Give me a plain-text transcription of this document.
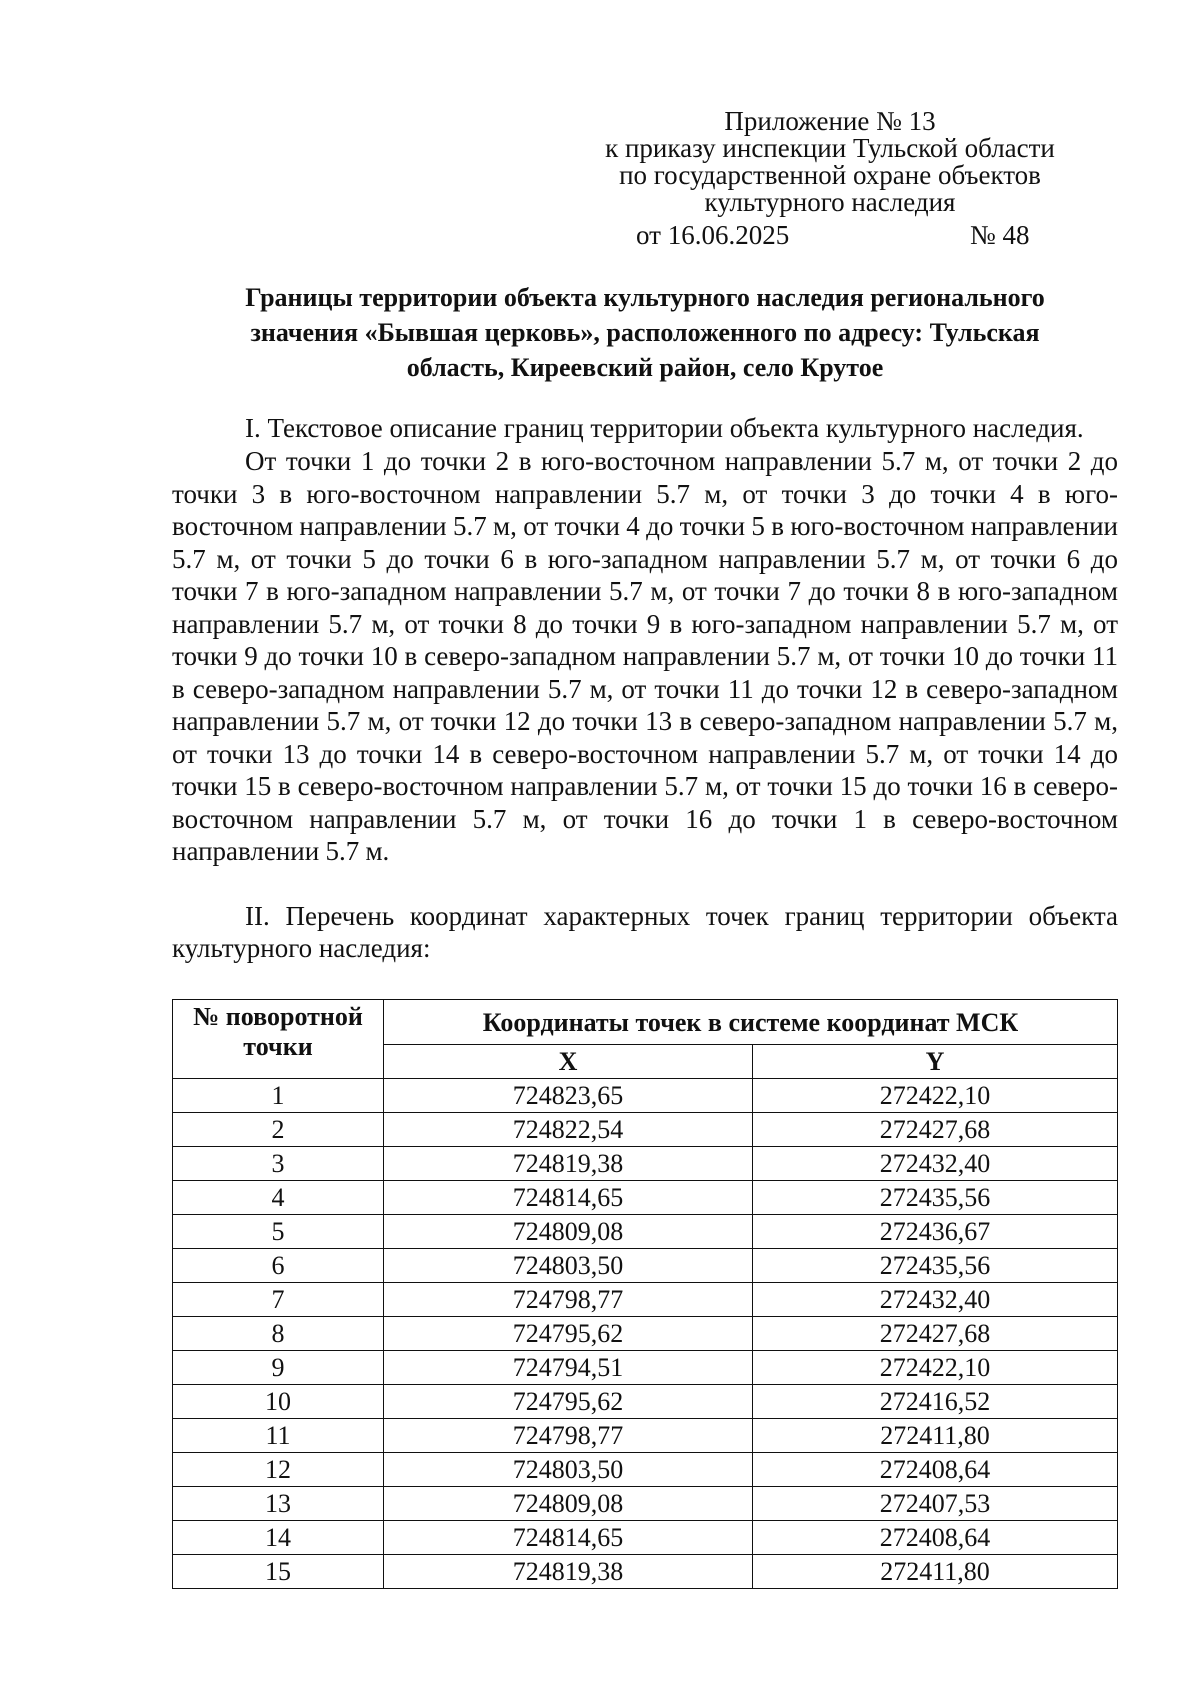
Приложение № 13
к приказу инспекции Тульской области
по государственной охране объектов
культурного наследия
от 16.06.2025	№ 48
Границы территории объекта культурного наследия регионального
значения «Бывшая церковь», расположенного по адресу: Тульская
область, Киреевский район, село Крутое
I. Текстовое описание границ территории объекта культурного наследия.
От точки 1 до точки 2 в юго-восточном направлении 5.7 м, от точки 2 до точки 3 в юго-восточном направлении 5.7 м, от точки 3 до точки 4 в юго-восточном направлении 5.7 м, от точки 4 до точки 5 в юго-восточном направлении 5.7 м, от точки 5 до точки 6 в юго-западном направлении 5.7 м, от точки 6 до точки 7 в юго-западном направлении 5.7 м, от точки 7 до точки 8 в юго-западном направлении 5.7 м, от точки 8 до точки 9 в юго-западном направлении 5.7 м, от точки 9 до точки 10 в северо-западном направлении 5.7 м, от точки 10 до точки 11 в северо-западном направлении 5.7 м, от точки 11 до точки 12 в северо-западном направлении 5.7 м, от точки 12 до точки 13 в северо-западном направлении 5.7 м, от точки 13 до точки 14 в северо-восточном направлении 5.7 м, от точки 14 до точки 15 в северо-восточном направлении 5.7 м, от точки 15 до точки 16 в северо-восточном направлении 5.7 м, от точки 16 до точки 1 в северо-восточном направлении 5.7 м.
II. Перечень координат характерных точек границ территории объекта культурного наследия:
№ поворотной точки	Координаты точек в системе координат МСК	
	X	Y
1	724823,65	272422,10
2	724822,54	272427,68
3	724819,38	272432,40
4	724814,65	272435,56
5	724809,08	272436,67
6	724803,50	272435,56
7	724798,77	272432,40
8	724795,62	272427,68
9	724794,51	272422,10
10	724795,62	272416,52
11	724798,77	272411,80
12	724803,50	272408,64
13	724809,08	272407,53
14	724814,65	272408,64
15	724819,38	272411,80
